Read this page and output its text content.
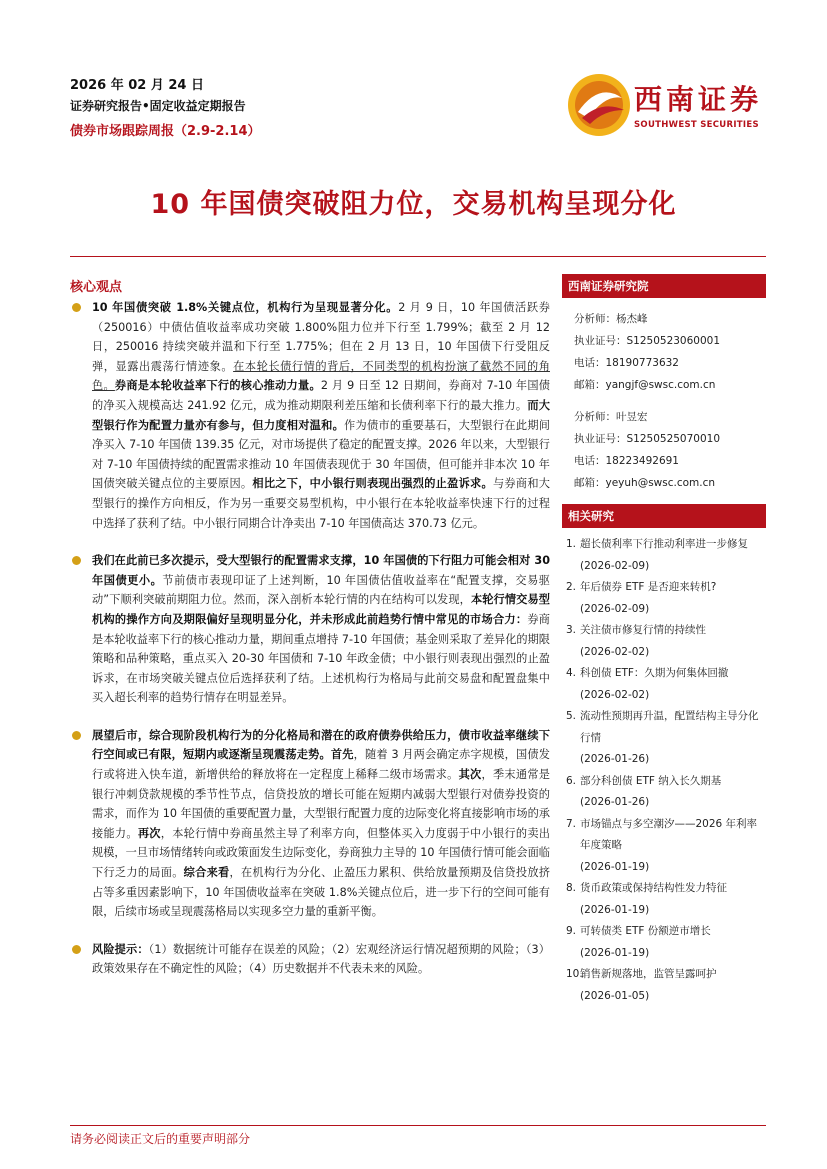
2026 年 02 月 24 日
证券研究报告•固定收益定期报告
债券市场跟踪周报（2.9-2.14）
西南证券
SOUTHWEST SECURITIES
10 年国债突破阻力位，交易机构呈现分化
核心观点
10 年国债突破 1.8%关键点位，机构行为呈现显著分化。2 月 9 日，10 年国债活跃券（250016）中债估值收益率成功突破 1.800%阻力位并下行至 1.799%；截至 2 月 12 日，250016 持续突破并温和下行至 1.775%；但在 2 月 13 日，10 年国债下行受阻反弹，显露出震荡行情迹象。在本轮长债行情的背后，不同类型的机构扮演了截然不同的角色。券商是本轮收益率下行的核心推动力量。2 月 9 日至 12 日期间，券商对 7-10 年国债的净买入规模高达 241.92 亿元，成为推动期限利差压缩和长债利率下行的最大推力。而大型银行作为配置力量亦有参与，但力度相对温和。作为债市的重要基石，大型银行在此期间净买入 7-10 年国债 139.35 亿元，对市场提供了稳定的配置支撑。2026 年以来，大型银行对 7-10 年国债持续的配置需求推动 10 年国债表现优于 30 年国债，但可能并非本次 10 年国债突破关键点位的主要原因。相比之下，中小银行则表现出强烈的止盈诉求。与券商和大型银行的操作方向相反，作为另一重要交易型机构，中小银行在本轮收益率快速下行的过程中选择了获利了结。中小银行同期合计净卖出 7-10 年国债高达 370.73 亿元。
我们在此前已多次提示，受大型银行的配置需求支撑，10 年国债的下行阻力可能会相对 30 年国债更小。节前债市表现印证了上述判断，10 年国债估值收益率在“配置支撑，交易驱动”下顺利突破前期阻力位。然而，深入剖析本轮行情的内在结构可以发现，本轮行情交易型机构的操作方向及期限偏好呈现明显分化，并未形成此前趋势行情中常见的市场合力：券商是本轮收益率下行的核心推动力量，期间重点增持 7-10 年国债；基金则采取了差异化的期限策略和品种策略，重点买入 20-30 年国债和 7-10 年政金债；中小银行则表现出强烈的止盈诉求，在市场突破关键点位后选择获利了结。上述机构行为格局与此前交易盘和配置盘集中买入超长利率的趋势行情存在明显差异。
展望后市，综合现阶段机构行为的分化格局和潜在的政府债券供给压力，债市收益率继续下行空间或已有限，短期内或逐渐呈现震荡走势。首先，随着 3 月两会确定赤字规模，国债发行或将进入快车道，新增供给的释放将在一定程度上稀释二级市场需求。其次，季末通常是银行冲刺贷款规模的季节性节点，信贷投放的增长可能在短期内减弱大型银行对债券投资的需求，而作为 10 年国债的重要配置力量，大型银行配置力度的边际变化将直接影响市场的承接能力。再次，本轮行情中券商虽然主导了利率方向，但整体买入力度弱于中小银行的卖出规模，一旦市场情绪转向或政策面发生边际变化，券商独力主导的 10 年国债行情可能会面临下行乏力的局面。综合来看，在机构行为分化、止盈压力累积、供给放量预期及信贷投放挤占等多重因素影响下，10 年国债收益率在突破 1.8%关键点位后，进一步下行的空间可能有限，后续市场或呈现震荡格局以实现多空力量的重新平衡。
风险提示：（1）数据统计可能存在误差的风险；（2）宏观经济运行情况超预期的风险；（3）政策效果存在不确定性的风险；（4）历史数据并不代表未来的风险。
西南证券研究院
分析师：杨杰峰
执业证号：S1250523060001
电话：18190773632
邮箱：yangjf@swsc.com.cn
分析师：叶昱宏
执业证号：S1250525070010
电话：18223492691
邮箱：yeyuh@swsc.com.cn
相关研究
1. 超长债利率下行推动利率进一步修复
(2026-02-09)
2. 年后债券 ETF 是否迎来转机?
(2026-02-09)
3. 关注债市修复行情的持续性
(2026-02-02)
4. 科创债 ETF：久期为何集体回撤
(2026-02-02)
5. 流动性预期再升温，配置结构主导分化行情
(2026-01-26)
6. 部分科创债 ETF 纳入长久期基
(2026-01-26)
7. 市场锚点与多空潮汐——2026 年利率年度策略
(2026-01-19)
8. 货币政策或保持结构性发力特征
(2026-01-19)
9. 可转债类 ETF 份额逆市增长
(2026-01-19)
10.
销售新规落地，监管呈露呵护
(2026-01-05)
请务必阅读正文后的重要声明部分
